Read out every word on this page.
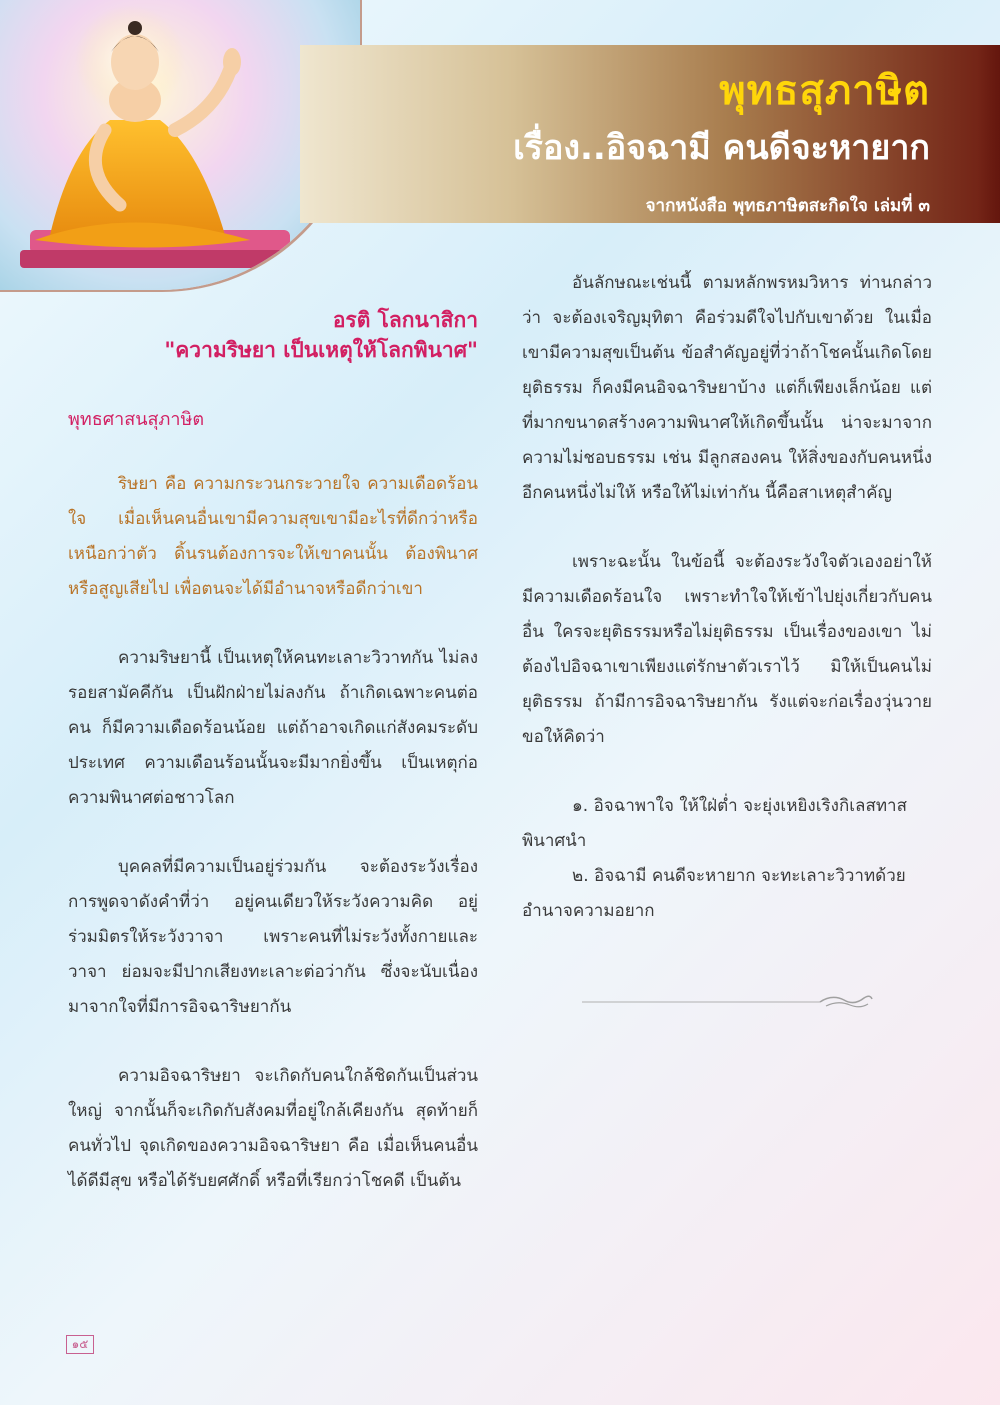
พุทธสุภาษิต
เรื่อง..อิจฉามี คนดีจะหายาก
จากหนังสือ พุทธภาษิตสะกิดใจ เล่มที่ ๓
อรติ โลกนาสิกา
"ความริษยา เป็นเหตุให้โลกพินาศ"
พุทธศาสนสุภาษิต

ริษยา คือ ความกระวนกระวายใจ ความเดือดร้อนใจ เมื่อเห็นคนอื่นเขามีความสุขเขามีอะไรที่ดีกว่าหรือเหนือกว่าตัว ดิ้นรนต้องการจะให้เขาคนนั้น ต้องพินาศหรือสูญเสียไป เพื่อตนจะได้มีอำนาจหรือดีกว่าเขา

ความริษยานี้ เป็นเหตุให้คนทะเลาะวิวาทกัน ไม่ลงรอยสามัคคีกัน เป็นฝักฝ่ายไม่ลงกัน ถ้าเกิดเฉพาะคนต่อคน ก็มีความเดือดร้อนน้อย แต่ถ้าอาจเกิดแก่สังคมระดับประเทศ ความเดือนร้อนนั้นจะมีมากยิ่งขึ้น เป็นเหตุก่อความพินาศต่อชาวโลก

บุคคลที่มีความเป็นอยู่ร่วมกัน จะต้องระวังเรื่องการพูดจาดังคำที่ว่า อยู่คนเดียวให้ระวังความคิด อยู่ร่วมมิตรให้ระวังวาจา เพราะคนที่ไม่ระวังทั้งกายและวาจา ย่อมจะมีปากเสียงทะเลาะต่อว่ากัน ซึ่งจะนับเนื่องมาจากใจที่มีการอิจฉาริษยากัน

ความอิจฉาริษยา จะเกิดกับคนใกล้ชิดกันเป็นส่วนใหญ่ จากนั้นก็จะเกิดกับสังคมที่อยู่ใกล้เคียงกัน สุดท้ายก็คนทั่วไป จุดเกิดของความอิจฉาริษยา คือ เมื่อเห็นคนอื่นได้ดีมีสุข หรือได้รับยศศักดิ์ หรือที่เรียกว่าโชคดี เป็นต้น

อันลักษณะเช่นนี้ ตามหลักพรหมวิหาร ท่านกล่าวว่า จะต้องเจริญมุทิตา คือร่วมดีใจไปกับเขาด้วย ในเมื่อเขามีความสุขเป็นต้น ข้อสำคัญอยู่ที่ว่าถ้าโชคนั้นเกิดโดยยุติธรรม ก็คงมีคนอิจฉาริษยาบ้าง แต่ก็เพียงเล็กน้อย แต่ที่มากขนาดสร้างความพินาศให้เกิดขึ้นนั้น น่าจะมาจากความไม่ชอบธรรม เช่น มีลูกสองคน ให้สิ่งของกับคนหนึ่ง อีกคนหนึ่งไม่ให้ หรือให้ไม่เท่ากัน นี้คือสาเหตุสำคัญ

เพราะฉะนั้น ในข้อนี้ จะต้องระวังใจตัวเองอย่าให้มีความเดือดร้อนใจ เพราะทำใจให้เข้าไปยุ่งเกี่ยวกับคนอื่น ใครจะยุติธรรมหรือไม่ยุติธรรม เป็นเรื่องของเขา ไม่ต้องไปอิจฉาเขาเพียงแต่รักษาตัวเราไว้ มิให้เป็นคนไม่ยุติธรรม ถ้ามีการอิจฉาริษยากัน รังแต่จะก่อเรื่องวุ่นวาย ขอให้คิดว่า

๑. อิจฉาพาใจ ให้ใฝ่ต่ำ จะยุ่งเหยิงเริงกิเลสทาสพินาศนำ

๒. อิจฉามี คนดีจะหายาก จะทะเลาะวิวาทด้วยอำนาจความอยาก

๑๕
